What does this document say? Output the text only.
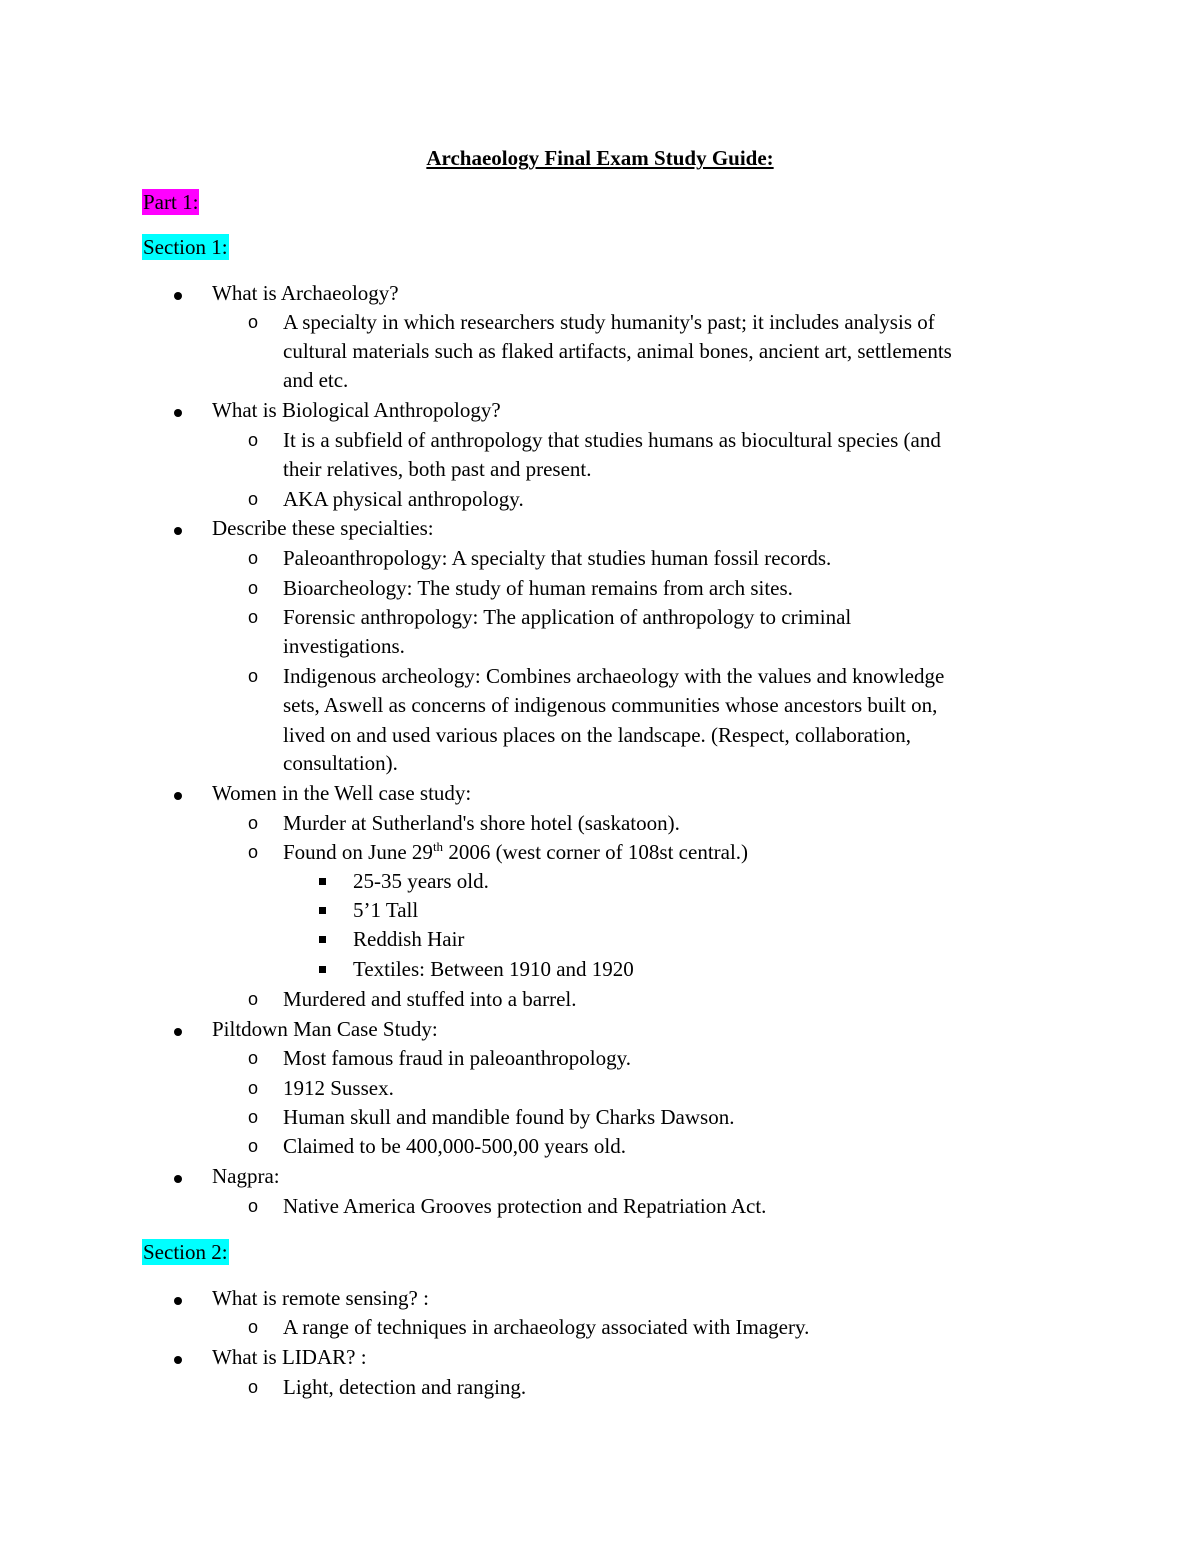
Archaeology Final Exam Study Guide:
Part 1:
Section 1:
What is Archaeology?
o A specialty in which researchers study humanity's past; it includes analysis of
cultural materials such as flaked artifacts, animal bones, ancient art, settlements
and etc.
What is Biological Anthropology?
o It is a subfield of anthropology that studies humans as biocultural species (and
their relatives, both past and present.
o AKA physical anthropology.
Describe these specialties:
o Paleoanthropology: A specialty that studies human fossil records.
o Bioarcheology: The study of human remains from arch sites.
o Forensic anthropology: The application of anthropology to criminal
investigations.
o Indigenous archeology: Combines archaeology with the values and knowledge
sets, Aswell as concerns of indigenous communities whose ancestors built on,
lived on and used various places on the landscape. (Respect, collaboration,
consultation).
Women in the Well case study:
o Murder at Sutherland's shore hotel (saskatoon).
o Found on June 29th 2006 (west corner of 108st central.)
25-35 years old.
5’1 Tall
Reddish Hair
Textiles: Between 1910 and 1920
o Murdered and stuffed into a barrel.
Piltdown Man Case Study:
o Most famous fraud in paleoanthropology.
o 1912 Sussex.
o Human skull and mandible found by Charks Dawson.
o Claimed to be 400,000-500,00 years old.
Nagpra:
o Native America Grooves protection and Repatriation Act.
Section 2:
What is remote sensing? :
o A range of techniques in archaeology associated with Imagery.
What is LIDAR? :
o Light, detection and ranging.
